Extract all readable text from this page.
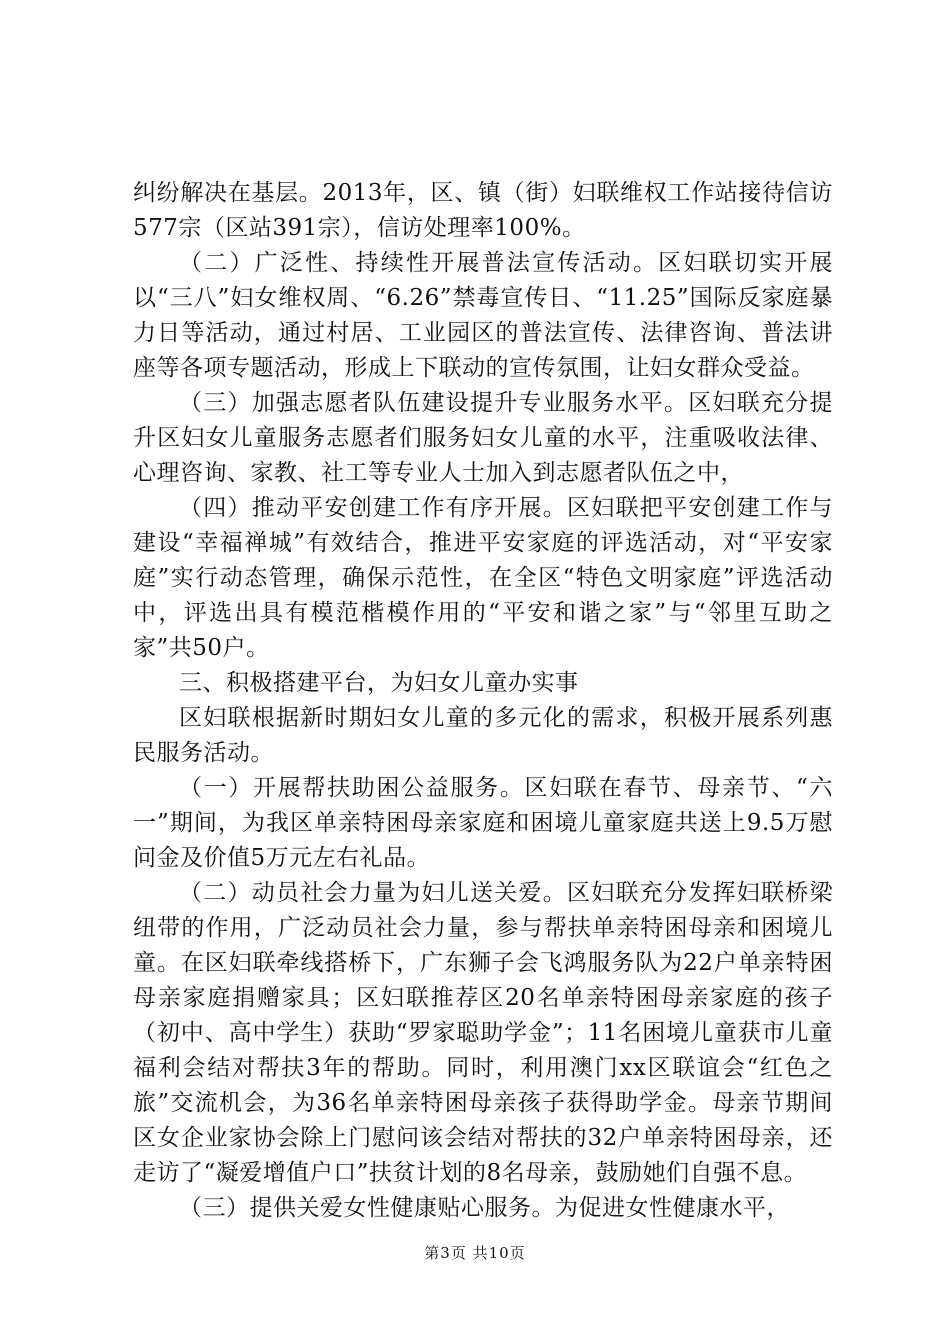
纠纷解决在基层。2013年，区、镇（街）妇联维权工作站接待信访577宗（区站391宗），信访处理率100%。

（二）广泛性、持续性开展普法宣传活动。区妇联切实开展以“三八”妇女维权周、“6.26”禁毒宣传日、“11.25”国际反家庭暴力日等活动，通过村居、工业园区的普法宣传、法律咨询、普法讲座等各项专题活动，形成上下联动的宣传氛围，让妇女群众受益。

（三）加强志愿者队伍建设提升专业服务水平。区妇联充分提升区妇女儿童服务志愿者们服务妇女儿童的水平，注重吸收法律、心理咨询、家教、社工等专业人士加入到志愿者队伍之中，

（四）推动平安创建工作有序开展。区妇联把平安创建工作与建设“幸福禅城”有效结合，推进平安家庭的评选活动，对“平安家庭”实行动态管理，确保示范性，在全区“特色文明家庭”评选活动中，评选出具有模范楷模作用的“平安和谐之家”与“邻里互助之家”共50户。

三、积极搭建平台，为妇女儿童办实事

区妇联根据新时期妇女儿童的多元化的需求，积极开展系列惠民服务活动。

（一）开展帮扶助困公益服务。区妇联在春节、母亲节、“六一”期间，为我区单亲特困母亲家庭和困境儿童家庭共送上9.5万慰问金及价值5万元左右礼品。

（二）动员社会力量为妇儿送关爱。区妇联充分发挥妇联桥梁纽带的作用，广泛动员社会力量，参与帮扶单亲特困母亲和困境儿童。在区妇联牵线搭桥下，广东狮子会飞鸿服务队为22户单亲特困母亲家庭捐赠家具；区妇联推荐区20名单亲特困母亲家庭的孩子（初中、高中学生）获助“罗家聪助学金”；11名困境儿童获市儿童福利会结对帮扶3年的帮助。同时，利用澳门xx区联谊会“红色之旅”交流机会，为36名单亲特困母亲孩子获得助学金。母亲节期间区女企业家协会除上门慰问该会结对帮扶的32户单亲特困母亲，还走访了“凝爱增值户口”扶贫计划的8名母亲，鼓励她们自强不息。

（三）提供关爱女性健康贴心服务。为促进女性健康水平，

第3页 共10页
